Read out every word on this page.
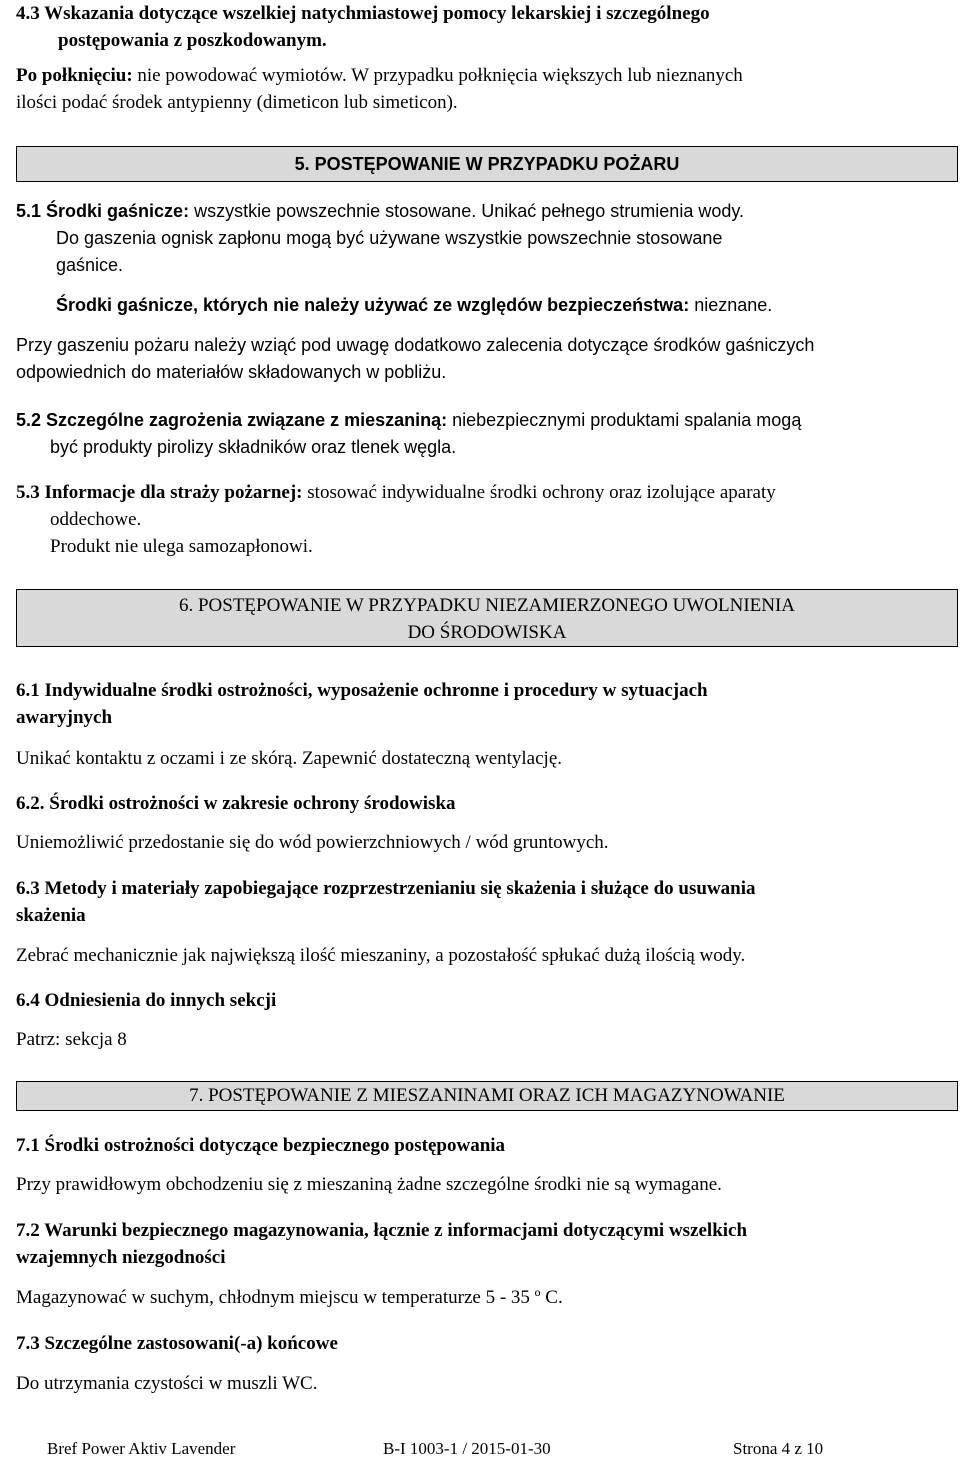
4.3 Wskazania dotyczące wszelkiej natychmiastowej pomocy lekarskiej i szczególnego
postępowania z poszkodowanym.
Po połknięciu: nie powodować wymiotów. W przypadku połknięcia większych lub nieznanych
ilości podać środek antypienny (dimeticon lub simeticon).
5. POSTĘPOWANIE W PRZYPADKU POŻARU
5.1 Środki gaśnicze: wszystkie powszechnie stosowane. Unikać pełnego strumienia wody.
Do gaszenia ognisk zapłonu mogą być używane wszystkie powszechnie stosowane
gaśnice.
Środki gaśnicze, których nie należy używać ze względów bezpieczeństwa: nieznane.
Przy gaszeniu pożaru należy wziąć pod uwagę dodatkowo zalecenia dotyczące środków gaśniczych
odpowiednich do materiałów składowanych w pobliżu.
5.2 Szczególne zagrożenia związane z mieszaniną: niebezpiecznymi produktami spalania mogą
być produkty pirolizy składników oraz tlenek węgla.
5.3 Informacje dla straży pożarnej: stosować indywidualne środki ochrony oraz izolujące aparaty
oddechowe.
Produkt nie ulega samozapłonowi.
6. POSTĘPOWANIE W PRZYPADKU NIEZAMIERZONEGO UWOLNIENIA
DO ŚRODOWISKA
6.1 Indywidualne środki ostrożności, wyposażenie ochronne i procedury w sytuacjach
awaryjnych
Unikać kontaktu z oczami i ze skórą. Zapewnić dostateczną wentylację.
6.2. Środki ostrożności w zakresie ochrony środowiska
Uniemożliwić przedostanie się do wód powierzchniowych / wód gruntowych.
6.3 Metody i materiały zapobiegające rozprzestrzenianiu się skażenia i służące do usuwania
skażenia
Zebrać mechanicznie jak największą ilość mieszaniny, a pozostałość spłukać dużą ilością wody.
6.4 Odniesienia do innych sekcji
Patrz: sekcja 8
7. POSTĘPOWANIE Z MIESZANINAMI ORAZ ICH MAGAZYNOWANIE
7.1 Środki ostrożności dotyczące bezpiecznego postępowania
Przy prawidłowym obchodzeniu się z mieszaniną żadne szczególne środki nie są wymagane.
7.2 Warunki bezpiecznego magazynowania, łącznie z informacjami dotyczącymi wszelkich
wzajemnych niezgodności
Magazynować w suchym, chłodnym miejscu w temperaturze 5 - 35 º C.
7.3 Szczególne zastosowani(-a) końcowe
Do utrzymania czystości w muszli WC.
Bref Power Aktiv Lavender	B-I 1003-1 / 2015-01-30	Strona 4 z 10
